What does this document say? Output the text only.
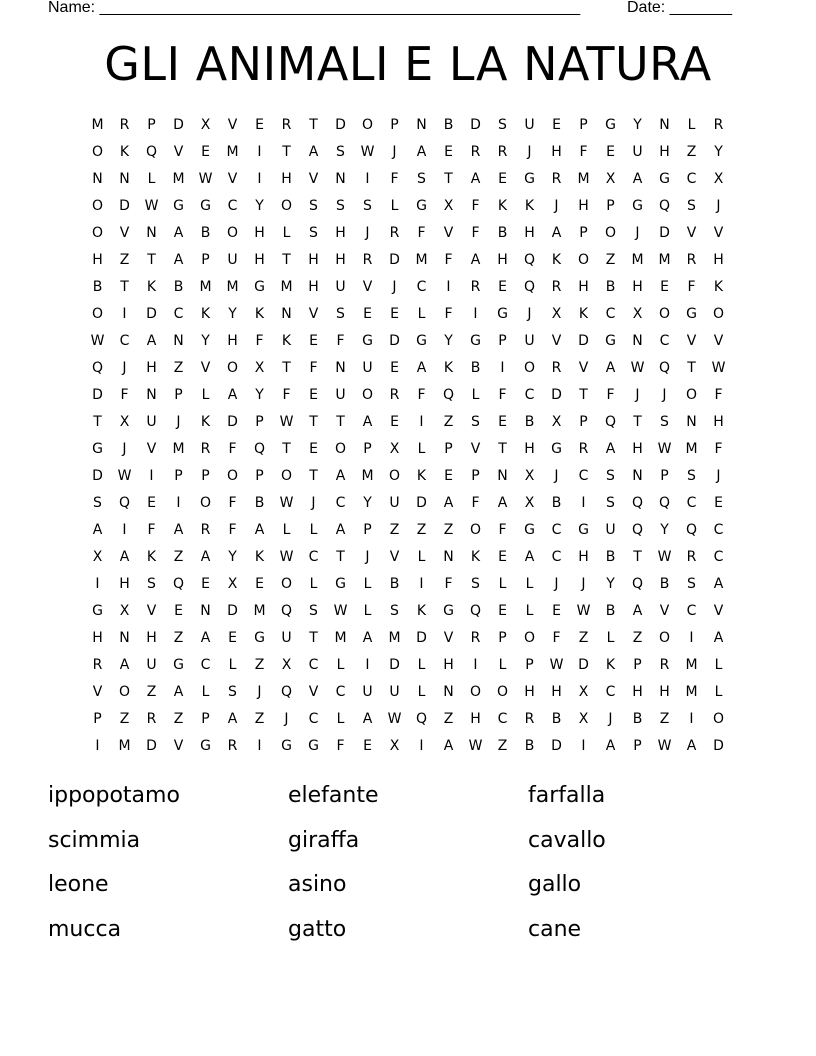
Name: ______________________________________________________	Date: _______
GLI ANIMALI E LA NATURA
M	R	P	D	X	V	E	R	T	D	O	P	N	B	D	S	U	E	P	G	Y	N	L	R
O	K	Q	V	E	M	I	T	A	S	W	J	A	E	R	R	J	H	F	E	U	H	Z	Y
N	N	L	M	W	V	I	H	V	N	I	F	S	T	A	E	G	R	M	X	A	G	C	X
O	D	W	G	G	C	Y	O	S	S	S	L	G	X	F	K	K	J	H	P	G	Q	S	J
O	V	N	A	B	O	H	L	S	H	J	R	F	V	F	B	H	A	P	O	J	D	V	V
H	Z	T	A	P	U	H	T	H	H	R	D	M	F	A	H	Q	K	O	Z	M	M	R	H
B	T	K	B	M	M	G	M	H	U	V	J	C	I	R	E	Q	R	H	B	H	E	F	K
O	I	D	C	K	Y	K	N	V	S	E	E	L	F	I	G	J	X	K	C	X	O	G	O
W	C	A	N	Y	H	F	K	E	F	G	D	G	Y	G	P	U	V	D	G	N	C	V	V
Q	J	H	Z	V	O	X	T	F	N	U	E	A	K	B	I	O	R	V	A	W	Q	T	W
D	F	N	P	L	A	Y	F	E	U	O	R	F	Q	L	F	C	D	T	F	J	J	O	F
T	X	U	J	K	D	P	W	T	T	A	E	I	Z	S	E	B	X	P	Q	T	S	N	H
G	J	V	M	R	F	Q	T	E	O	P	X	L	P	V	T	H	G	R	A	H	W	M	F
D	W	I	P	P	O	P	O	T	A	M	O	K	E	P	N	X	J	C	S	N	P	S	J
S	Q	E	I	O	F	B	W	J	C	Y	U	D	A	F	A	X	B	I	S	Q	Q	C	E
A	I	F	A	R	F	A	L	L	A	P	Z	Z	Z	O	F	G	C	G	U	Q	Y	Q	C
X	A	K	Z	A	Y	K	W	C	T	J	V	L	N	K	E	A	C	H	B	T	W	R	C
I	H	S	Q	E	X	E	O	L	G	L	B	I	F	S	L	L	J	J	Y	Q	B	S	A
G	X	V	E	N	D	M	Q	S	W	L	S	K	G	Q	E	L	E	W	B	A	V	C	V
H	N	H	Z	A	E	G	U	T	M	A	M	D	V	R	P	O	F	Z	L	Z	O	I	A
R	A	U	G	C	L	Z	X	C	L	I	D	L	H	I	L	P	W	D	K	P	R	M	L
V	O	Z	A	L	S	J	Q	V	C	U	U	L	N	O	O	H	H	X	C	H	H	M	L
P	Z	R	Z	P	A	Z	J	C	L	A	W	Q	Z	H	C	R	B	X	J	B	Z	I	O
I	M	D	V	G	R	I	G	G	F	E	X	I	A	W	Z	B	D	I	A	P	W	A	D
ippopotamo	elefante	farfalla
scimmia	giraffa	cavallo
leone	asino	gallo
mucca	gatto	cane
